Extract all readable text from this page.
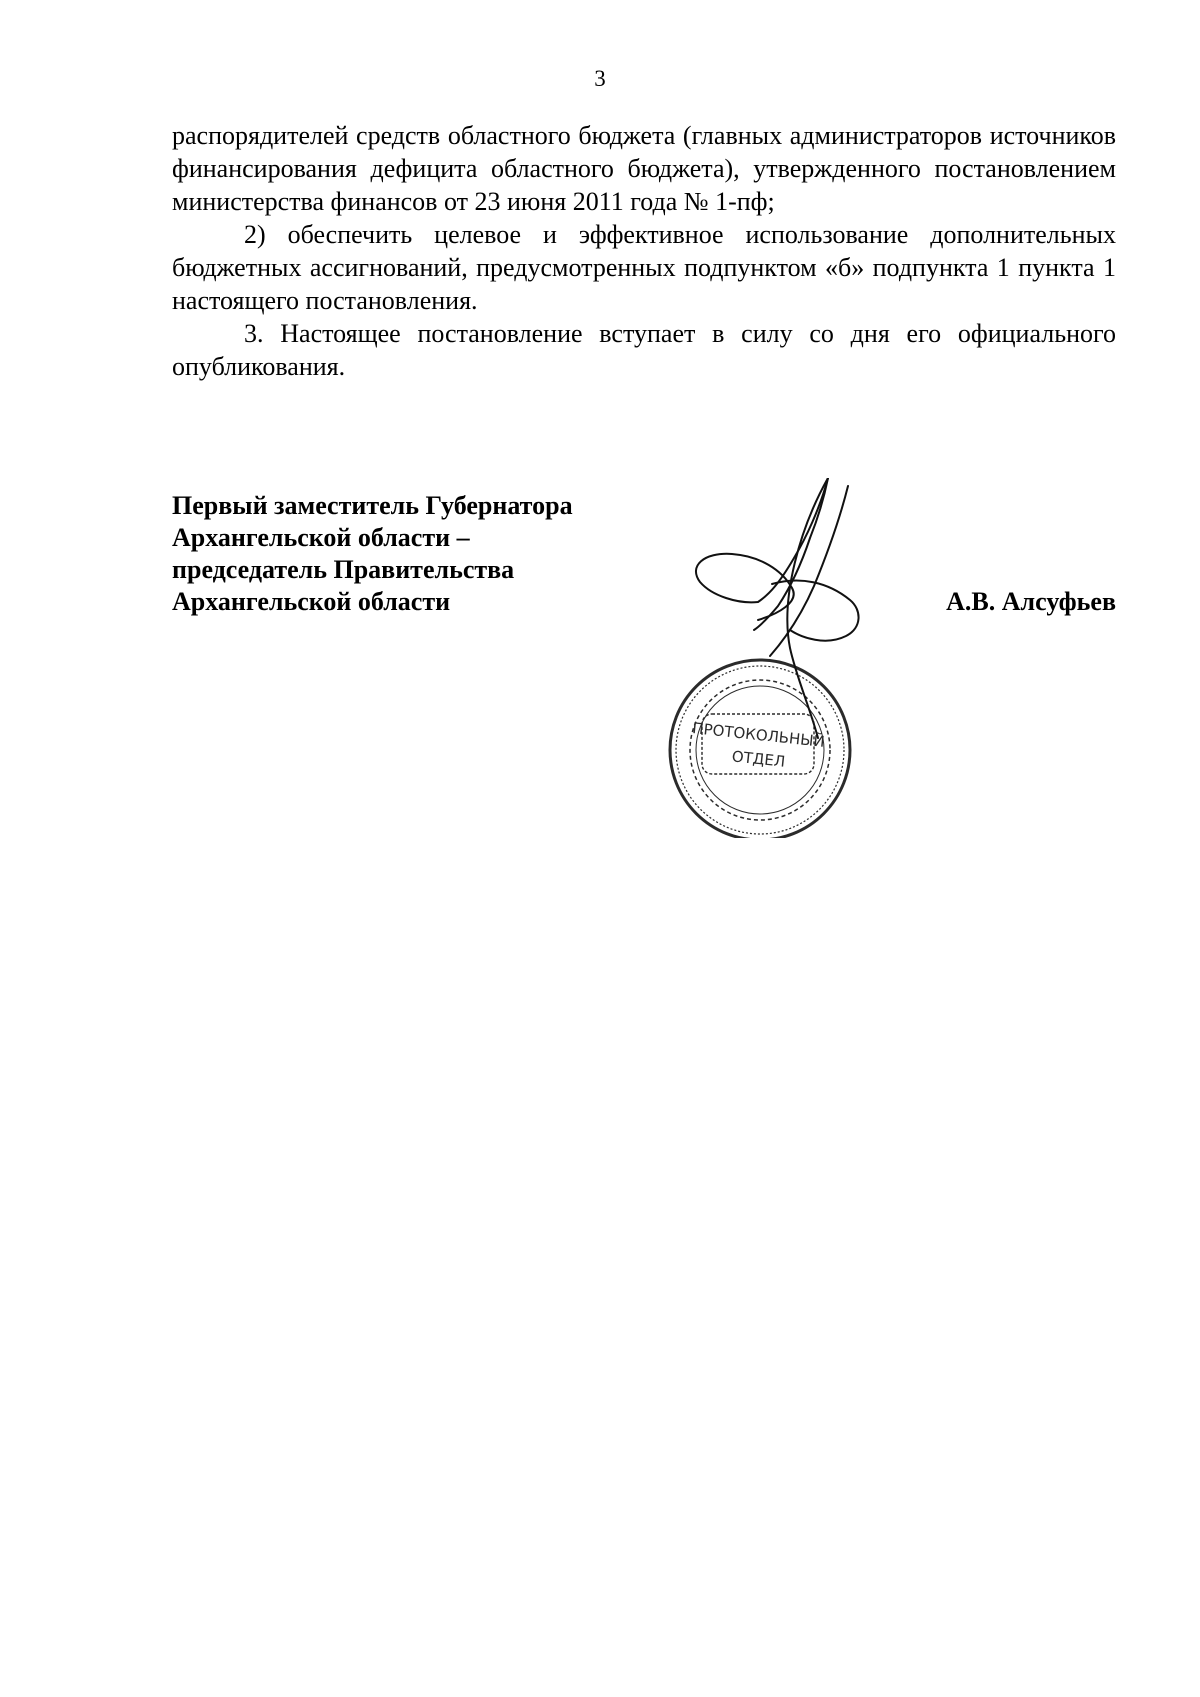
3

распорядителей средств областного бюджета (главных администраторов источников финансирования дефицита областного бюджета), утвержденного постановлением министерства финансов от 23 июня 2011 года № 1-пф;

2) обеспечить целевое и эффективное использование дополнительных бюджетных ассигнований, предусмотренных подпунктом «б» подпункта 1 пункта 1 настоящего постановления.

3. Настоящее постановление вступает в силу со дня его официального опубликования.

Первый заместитель Губернатора
Архангельской области –
председатель Правительства
Архангельской области	А.В. Алсуфьев
ПРОТОКОЛЬНЫЙ
ОТДЕЛ
